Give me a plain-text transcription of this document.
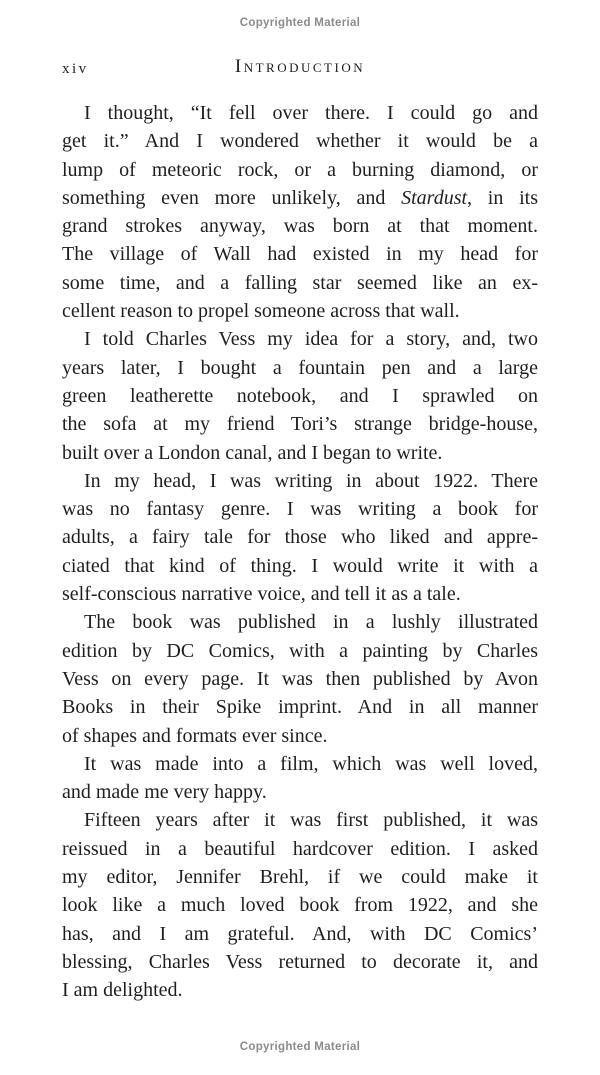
Copyrighted Material
xiv	Introduction
I thought, “It fell over there. I could go and
get it.” And I wondered whether it would be a
lump of meteoric rock, or a burning diamond, or
something even more unlikely, and Stardust, in its
grand strokes anyway, was born at that moment.
The village of Wall had existed in my head for
some time, and a falling star seemed like an ex-
cellent reason to propel someone across that wall.
I told Charles Vess my idea for a story, and, two
years later, I bought a fountain pen and a large
green leatherette notebook, and I sprawled on
the sofa at my friend Tori’s strange bridge-house,
built over a London canal, and I began to write.
In my head, I was writing in about 1922. There
was no fantasy genre. I was writing a book for
adults, a fairy tale for those who liked and appre-
ciated that kind of thing. I would write it with a
self-conscious narrative voice, and tell it as a tale.
The book was published in a lushly illustrated
edition by DC Comics, with a painting by Charles
Vess on every page. It was then published by Avon
Books in their Spike imprint. And in all manner
of shapes and formats ever since.
It was made into a film, which was well loved,
and made me very happy.
Fifteen years after it was first published, it was
reissued in a beautiful hardcover edition. I asked
my editor, Jennifer Brehl, if we could make it
look like a much loved book from 1922, and she
has, and I am grateful. And, with DC Comics’
blessing, Charles Vess returned to decorate it, and
I am delighted.
Copyrighted Material
